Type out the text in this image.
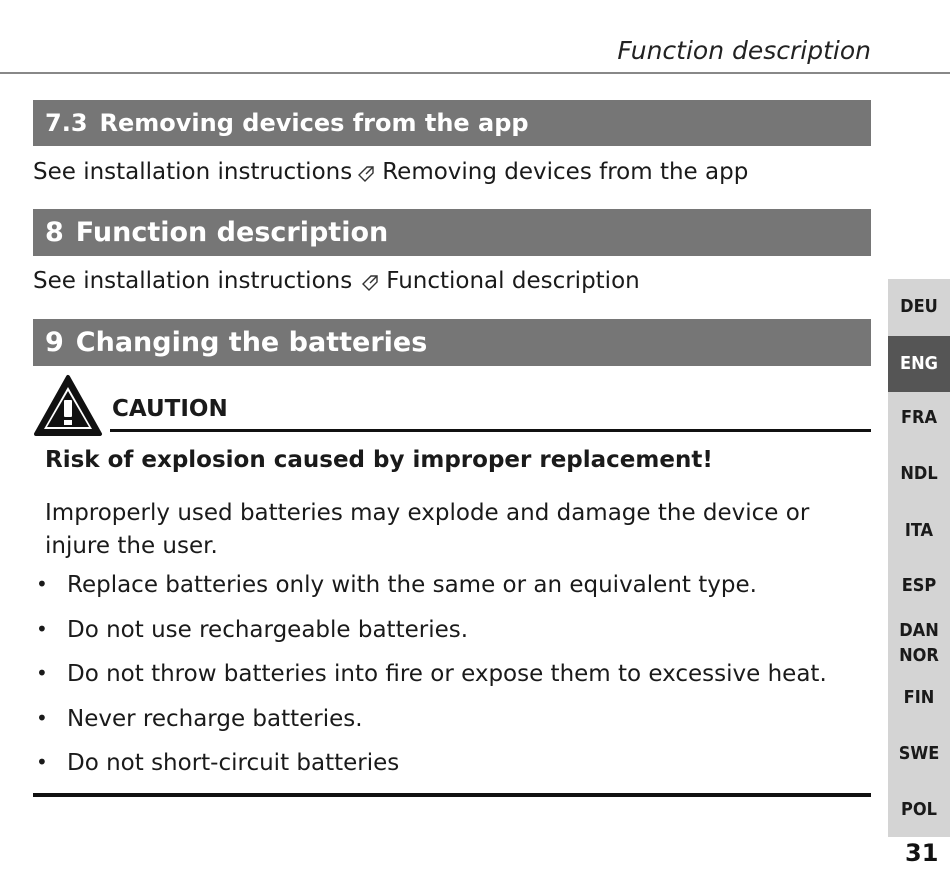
Function description
7.3 Removing devices from the app
See installation instructions Removing devices from the app
8 Function description
See installation instructions Functional description
9 Changing the batteries
CAUTION
Risk of explosion caused by improper replacement!
Improperly used batteries may explode and damage the device or injure the user.
• Replace batteries only with the same or an equivalent type.
• Do not use rechargeable batteries.
• Do not throw batteries into fire or expose them to excessive heat.
• Never recharge batteries.
• Do not short-circuit batteries
DEU
ENG
FRA
NDL
ITA
ESP
DAN
NOR
FIN
SWE
POL
31
